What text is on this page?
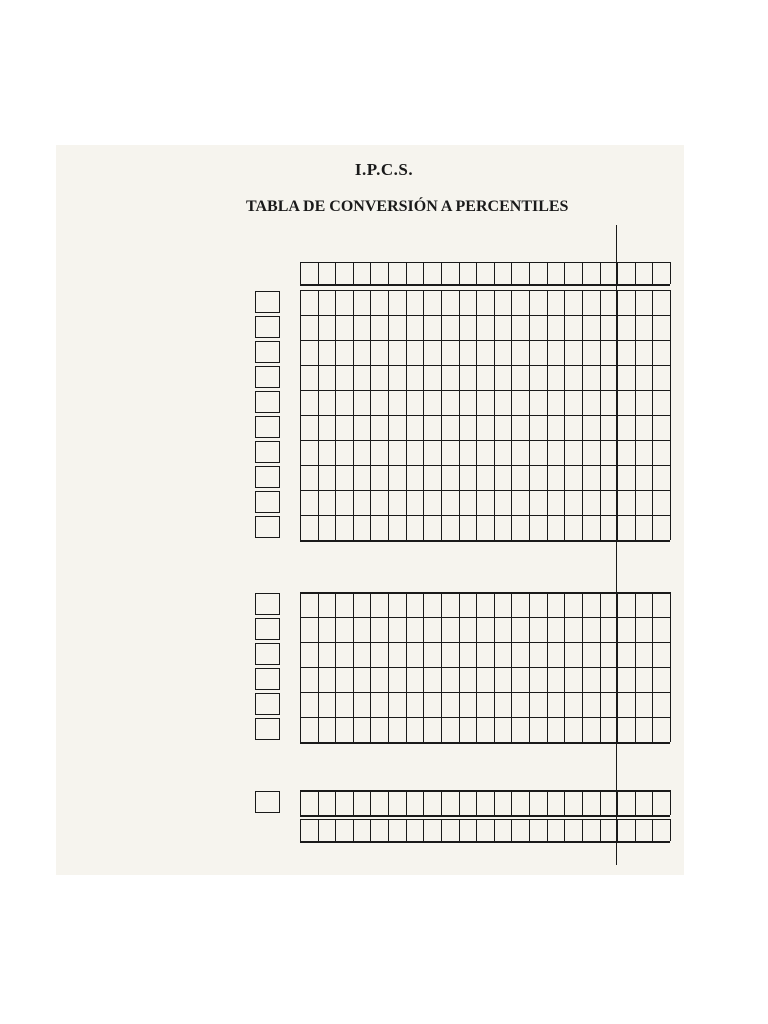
I.P.C.S.
TABLA DE CONVERSIÓN A PERCENTILES
